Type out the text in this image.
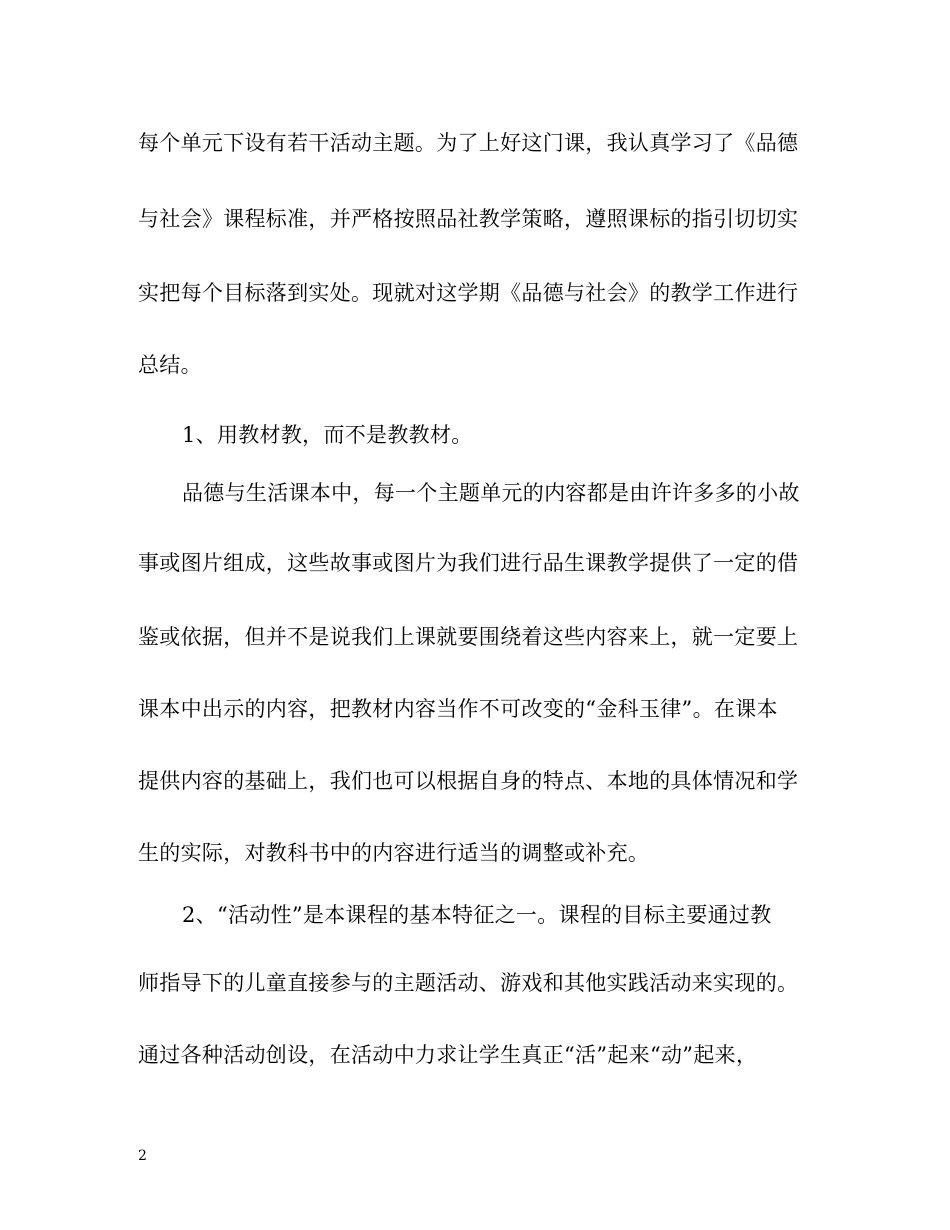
每个单元下设有若干活动主题。为了上好这门课，我认真学习了《品德
与社会》课程标准，并严格按照品社教学策略，遵照课标的指引切切实
实把每个目标落到实处。现就对这学期《品德与社会》的教学工作进行
总结。
1、用教材教，而不是教教材。
品德与生活课本中，每一个主题单元的内容都是由许许多多的小故
事或图片组成，这些故事或图片为我们进行品生课教学提供了一定的借
鉴或依据，但并不是说我们上课就要围绕着这些内容来上，就一定要上
课本中出示的内容，把教材内容当作不可改变的“金科玉律”。在课本
提供内容的基础上，我们也可以根据自身的特点、本地的具体情况和学
生的实际，对教科书中的内容进行适当的调整或补充。
2、“活动性”是本课程的基本特征之一。课程的目标主要通过教
师指导下的儿童直接参与的主题活动、游戏和其他实践活动来实现的。
通过各种活动创设，在活动中力求让学生真正“活”起来“动”起来，
2
